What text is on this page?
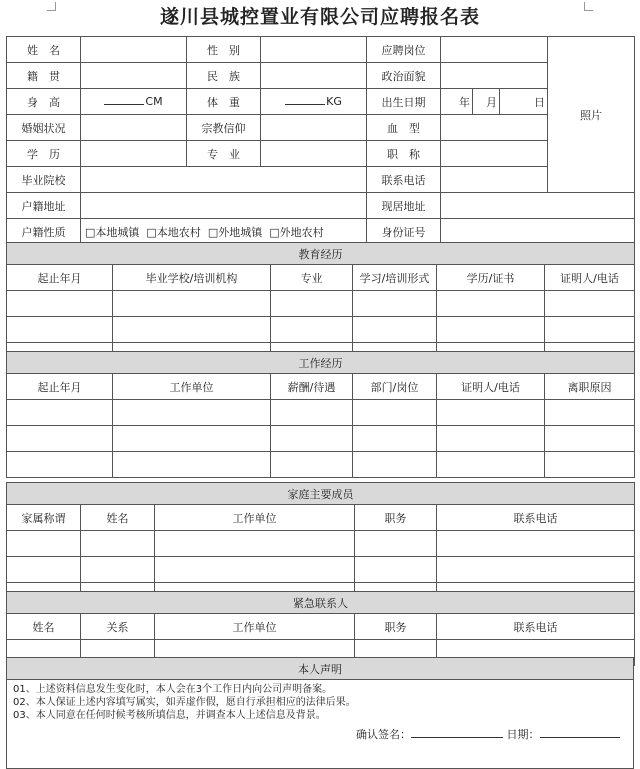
遂川县城控置业有限公司应聘报名表
姓　名		性　别		应聘岗位				照片
籍　贯		民　族		政治面貌				
身　高	CM	体　重	KG	出生日期	年	月	日	
婚姻状况		宗教信仰		血　型				
学　历		专　业		职　称				
毕业院校				联系电话				
户籍地址				现居地址				
户籍性质	□本地城镇 □本地农村 □外地城镇 □外地农村			身份证号				
教育经历					
起止年月	毕业学校/培训机构	专业	学习/培训形式	学历/证书	证明人/电话

工作经历					
起止年月	工作单位	薪酬/待遇	部门/岗位	证明人/电话	离职原因

家庭主要成员				
家属称谓	姓名	工作单位	职务	联系电话

紧急联系人				
姓名	关系	工作单位	职务	联系电话

本人声明

01、上述资料信息发生变化时，本人会在3个工作日内向公司声明备案。
02、本人保证上述内容填写属实，如弄虚作假，愿自行承担相应的法律后果。
03、本人同意在任何时候考核所填信息，并调查本人上述信息及背景。
确认签名：	日期：
